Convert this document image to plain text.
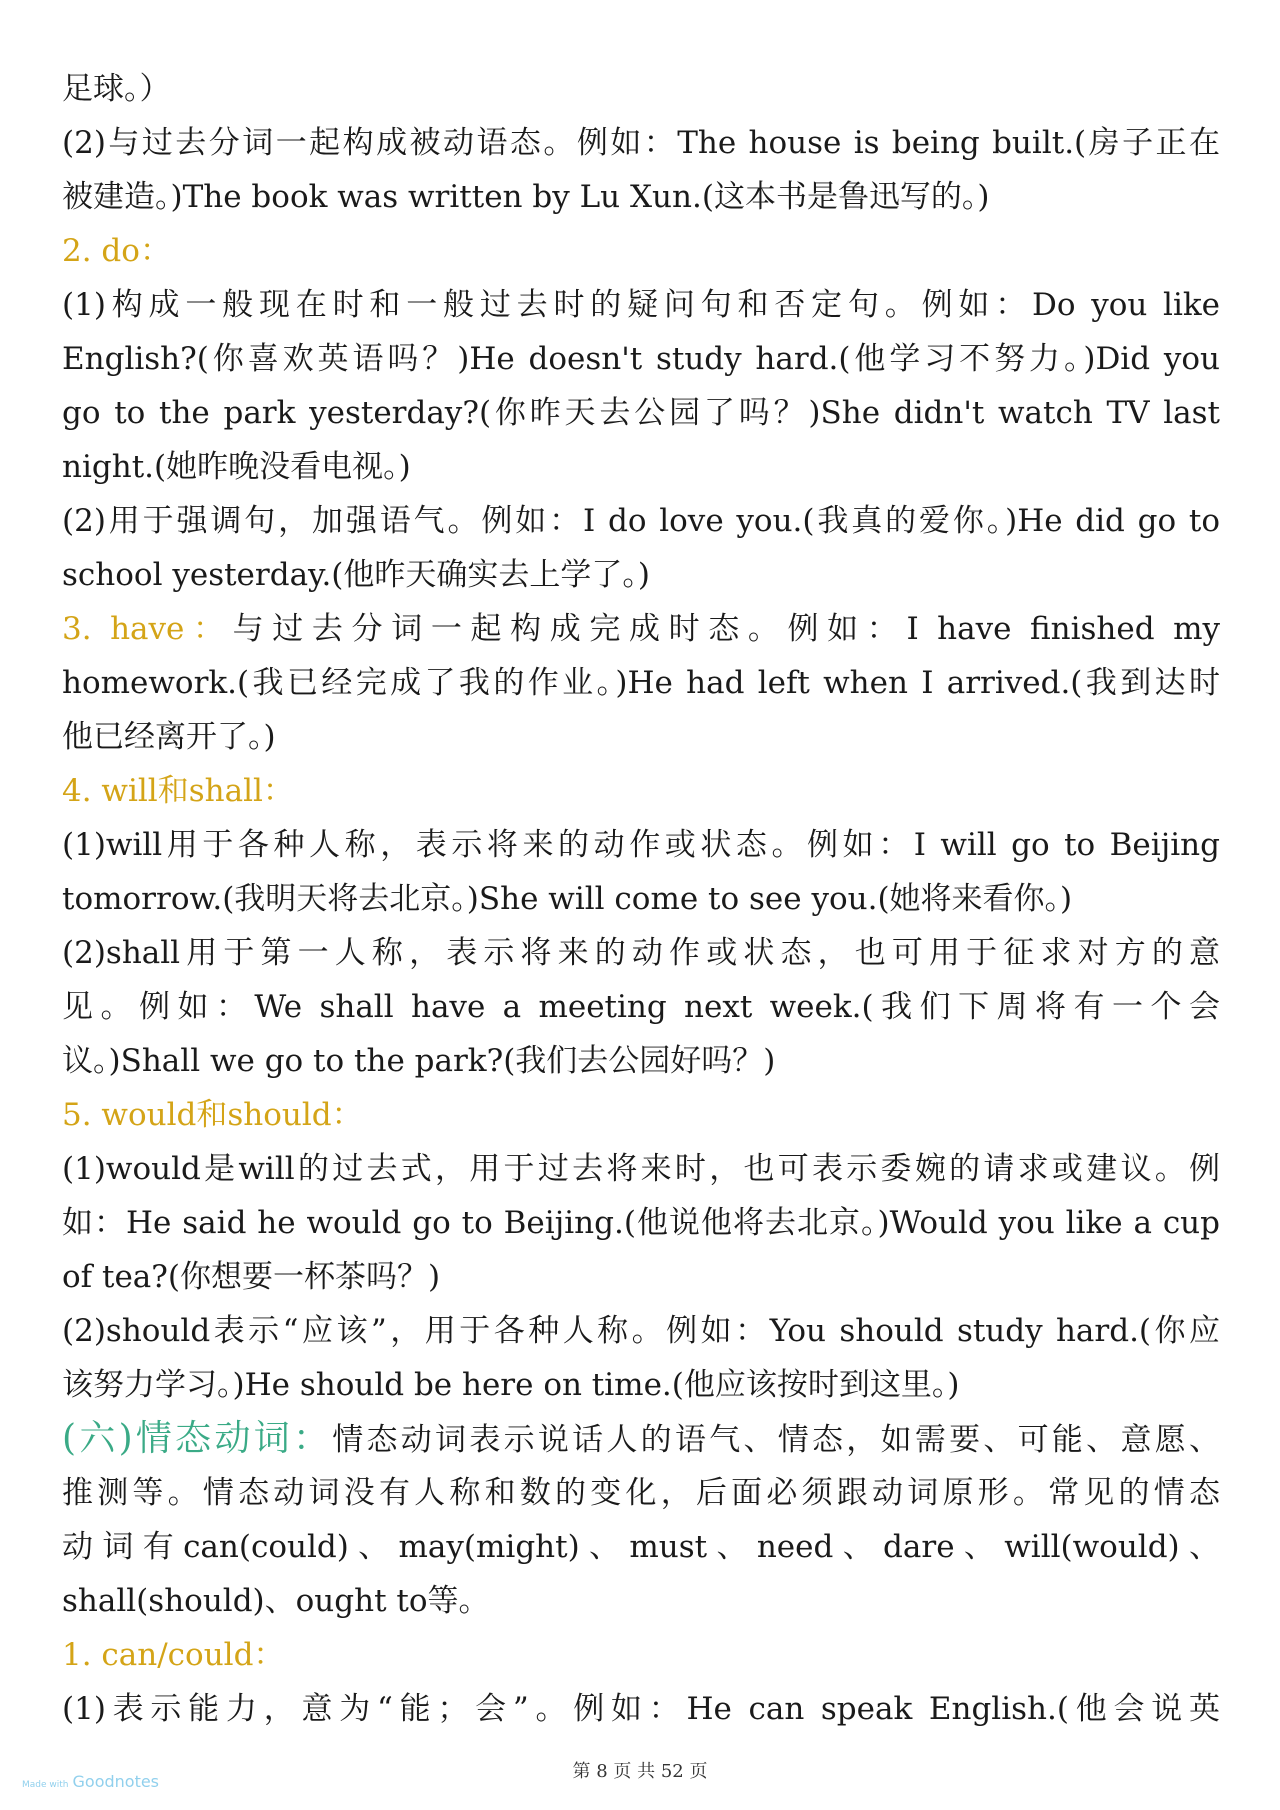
足球。）
(2)与过去分词一起构成被动语态。例如：The house is being built.(房子正在
被建造。)The book was written by Lu Xun.(这本书是鲁迅写的。)
2. do：
(1)构成一般现在时和一般过去时的疑问句和否定句。例如：Do you like
English?(你喜欢英语吗？)He doesn't study hard.(他学习不努力。)Did you
go to the park yesterday?(你昨天去公园了吗？)She didn't watch TV last
night.(她昨晚没看电视。)
(2)用于强调句，加强语气。例如：I do love you.(我真的爱你。)He did go to
school yesterday.(他昨天确实去上学了。)
3. have：与过去分词一起构成完成时态。例如：I have finished my
homework.(我已经完成了我的作业。)He had left when I arrived.(我到达时
他已经离开了。)
4. will和shall：
(1)will用于各种人称，表示将来的动作或状态。例如：I will go to Beijing
tomorrow.(我明天将去北京。)She will come to see you.(她将来看你。)
(2)shall用于第一人称，表示将来的动作或状态，也可用于征求对方的意
见。例如：We shall have a meeting next week.(我们下周将有一个会
议。)Shall we go to the park?(我们去公园好吗？)
5. would和should：
(1)would是will的过去式，用于过去将来时，也可表示委婉的请求或建议。例
如：He said he would go to Beijing.(他说他将去北京。)Would you like a cup
of tea?(你想要一杯茶吗？)
(2)should表示“应该”，用于各种人称。例如：You should study hard.(你应
该努力学习。)He should be here on time.(他应该按时到这里。)
(六)情态动词：情态动词表示说话人的语气、情态，如需要、可能、意愿、
推测等。情态动词没有人称和数的变化，后面必须跟动词原形。常见的情态
动词有can(could)、may(might)、must、need、dare、will(would)、
shall(should)、ought to等。
1. can/could：
(1)表示能力，意为“能；会”。例如：He can speak English.(他会说英
第 8 页 共 52 页
Made with Goodnotes
